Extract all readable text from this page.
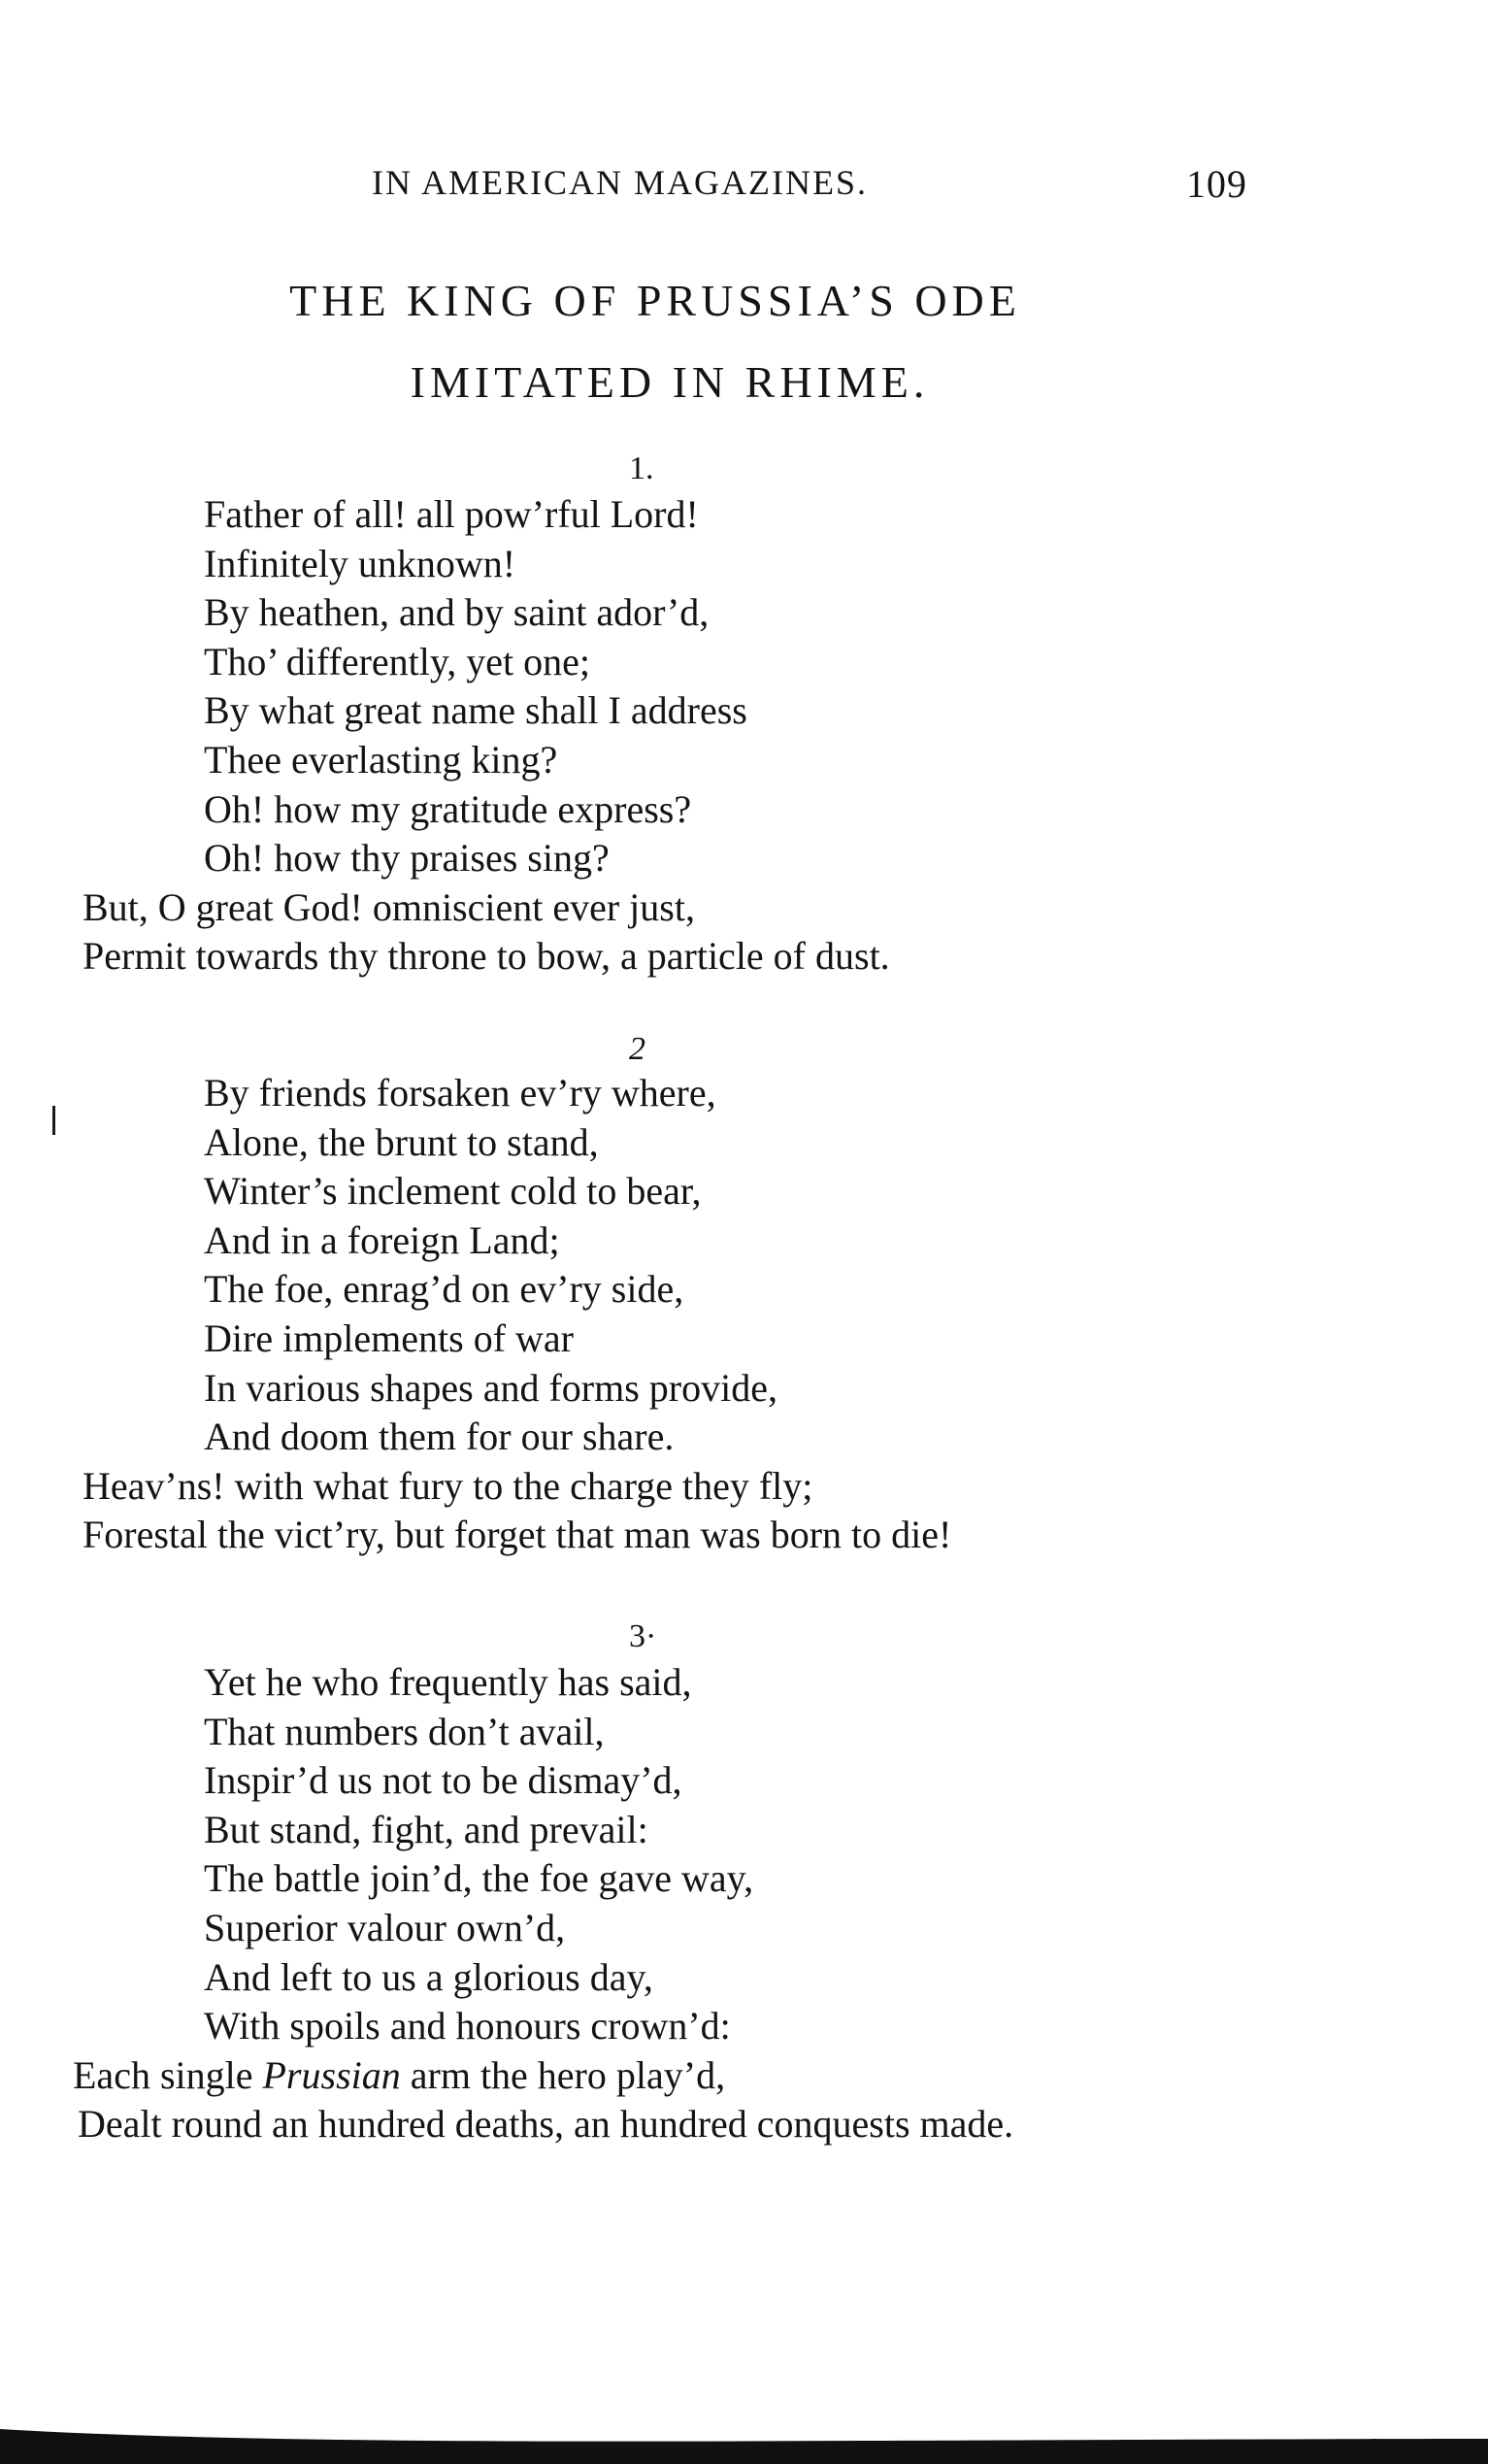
IN AMERICAN MAGAZINES.	109
THE KING OF PRUSSIA’S ODE
IMITATED IN RHIME.
1.
Father of all! all pow’rful Lord!
Infinitely unknown!
By heathen, and by saint ador’d,
Tho’ differently, yet one;
By what great name shall I address
Thee everlasting king?
Oh! how my gratitude express?
Oh! how thy praises sing?
But, O great God! omniscient ever just,
Permit towards thy throne to bow, a particle of dust.
2
By friends forsaken ev’ry where,
Alone, the brunt to stand,
Winter’s inclement cold to bear,
And in a foreign Land;
The foe, enrag’d on ev’ry side,
Dire implements of war
In various shapes and forms provide,
And doom them for our share.
Heav’ns! with what fury to the charge they fly;
Forestal the vict’ry, but forget that man was born to die!
3·
Yet he who frequently has said,
That numbers don’t avail,
Inspir’d us not to be dismay’d,
But stand, fight, and prevail:
The battle join’d, the foe gave way,
Superior valour own’d,
And left to us a glorious day,
With spoils and honours crown’d:
Each single Prussian arm the hero play’d,
Dealt round an hundred deaths, an hundred conquests made.
